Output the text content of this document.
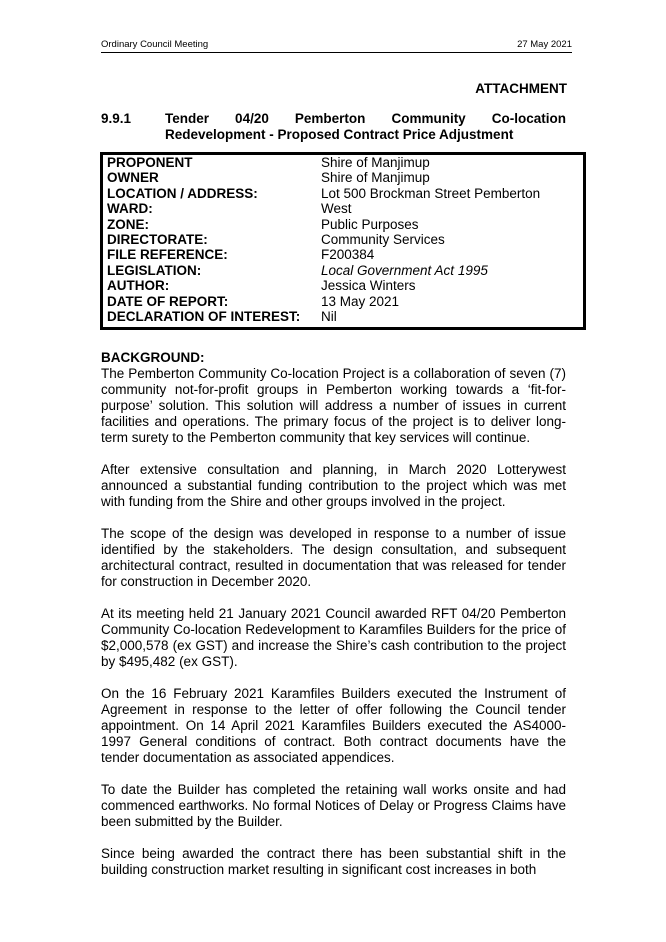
Ordinary Council Meeting	27 May 2021
ATTACHMENT
9.9.1	Tender 04/20 Pemberton Community Co-location
Redevelopment - Proposed Contract Price Adjustment
PROPONENT	Shire of Manjimup
OWNER	Shire of Manjimup
LOCATION / ADDRESS:	Lot 500 Brockman Street Pemberton
WARD:	West
ZONE:	Public Purposes
DIRECTORATE:	Community Services
FILE REFERENCE:	F200384
LEGISLATION:	Local Government Act 1995
AUTHOR:	Jessica Winters
DATE OF REPORT:	13 May 2021
DECLARATION OF INTEREST: Nil
BACKGROUND:

The Pemberton Community Co-location Project is a collaboration of seven (7) community not-for-profit groups in Pemberton working towards a ‘fit-for-purpose’ solution. This solution will address a number of issues in current facilities and operations. The primary focus of the project is to deliver long-term surety to the Pemberton community that key services will continue.

After extensive consultation and planning, in March 2020 Lotterywest announced a substantial funding contribution to the project which was met with funding from the Shire and other groups involved in the project.

The scope of the design was developed in response to a number of issue identified by the stakeholders. The design consultation, and subsequent architectural contract, resulted in documentation that was released for tender for construction in December 2020.

At its meeting held 21 January 2021 Council awarded RFT 04/20 Pemberton Community Co-location Redevelopment to Karamfiles Builders for the price of $2,000,578 (ex GST) and increase the Shire’s cash contribution to the project by $495,482 (ex GST).

On the 16 February 2021 Karamfiles Builders executed the Instrument of Agreement in response to the letter of offer following the Council tender appointment. On 14 April 2021 Karamfiles Builders executed the AS4000-1997 General conditions of contract. Both contract documents have the tender documentation as associated appendices.

To date the Builder has completed the retaining wall works onsite and had commenced earthworks. No formal Notices of Delay or Progress Claims have been submitted by the Builder.

Since being awarded the contract there has been substantial shift in the building construction market resulting in significant cost increases in both
